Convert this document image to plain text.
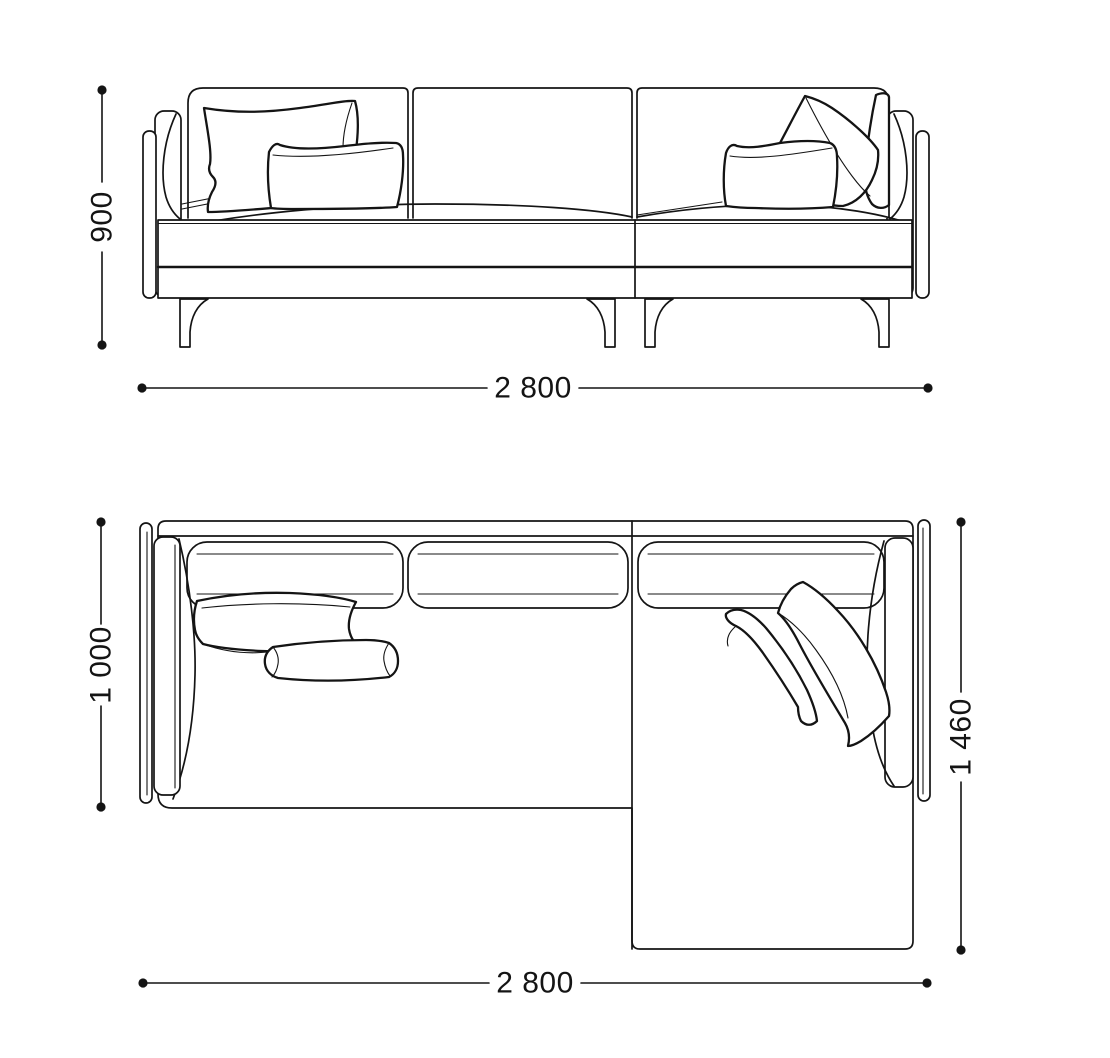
900
2 800
1 000
1 460
2 800
